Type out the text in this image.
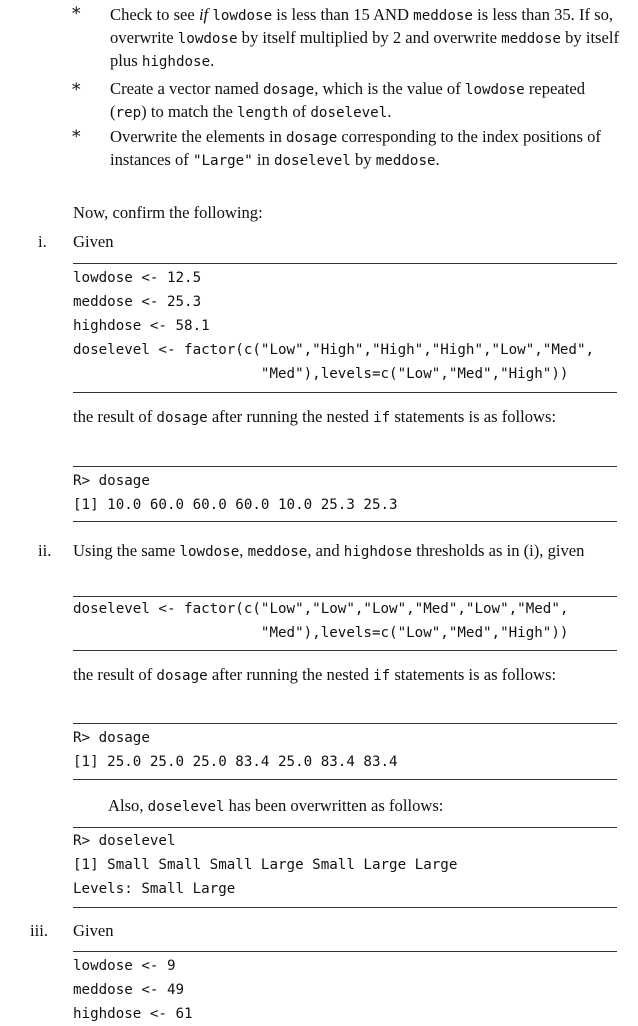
*	Check to see if lowdose is less than 15 AND meddose is less than 35. If so, overwrite lowdose by itself multiplied by 2 and overwrite meddose by itself plus highdose.
*	Create a vector named dosage, which is the value of lowdose repeated (rep) to match the length of doselevel.
*	Overwrite the elements in dosage corresponding to the index positions of instances of "Large" in doselevel by meddose.
Now, confirm the following:
i.	Given
lowdose <- 12.5
meddose <- 25.3
highdose <- 58.1
doselevel <- factor(c("Low","High","High","High","Low","Med",
"Med"),levels=c("Low","Med","High"))
the result of dosage after running the nested if statements is as follows:
R> dosage
[1] 10.0 60.0 60.0 60.0 10.0 25.3 25.3
ii.	Using the same lowdose, meddose, and highdose thresholds as in (i), given
doselevel <- factor(c("Low","Low","Low","Med","Low","Med",
"Med"),levels=c("Low","Med","High"))
the result of dosage after running the nested if statements is as follows:
R> dosage
[1] 25.0 25.0 25.0 83.4 25.0 83.4 83.4
Also, doselevel has been overwritten as follows:
R> doselevel
[1] Small Small Small Large Small Large Large
Levels: Small Large
iii.	Given
lowdose <- 9
meddose <- 49
highdose <- 61
